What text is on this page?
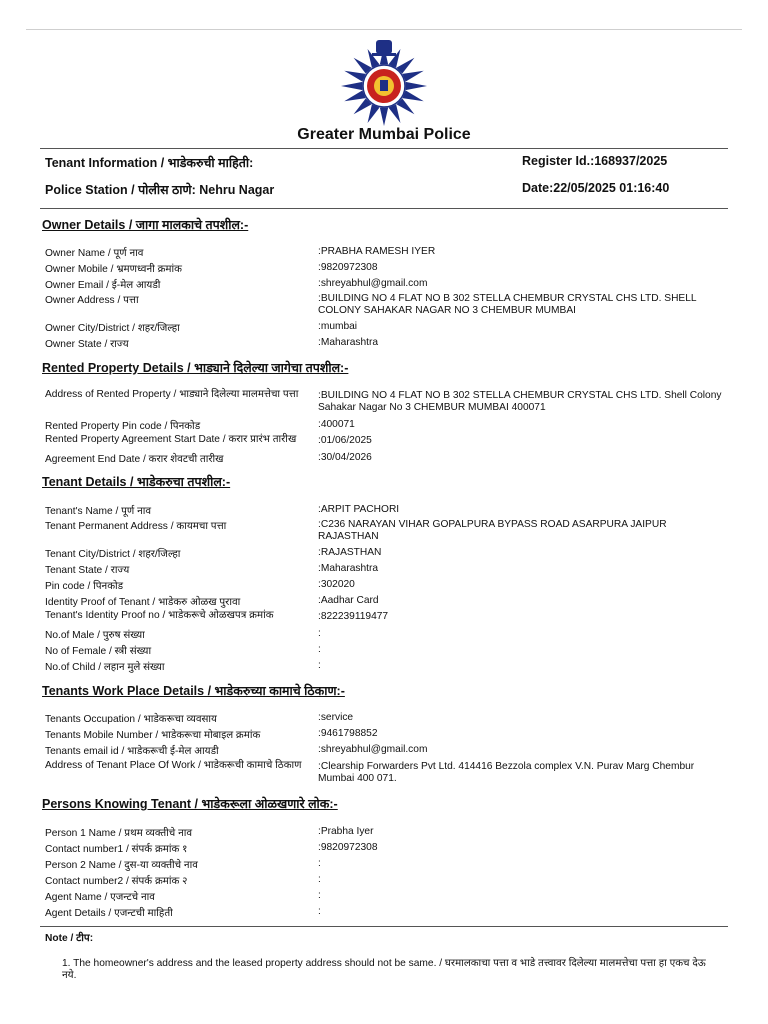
Greater Mumbai Police
Tenant Information / भाडेकरुची माहिती:	Register Id.:168937/2025
Police Station / पोलीस ठाणे: Nehru Nagar	Date:22/05/2025 01:16:40
Owner Details / जागा मालकाचे तपशील:-
Owner Name / पूर्ण नाव	:PRABHA RAMESH IYER
Owner Mobile / भ्रमणध्वनी क्रमांक	:9820972308
Owner Email / ई-मेल आयडी	:shreyabhul@gmail.com
Owner Address / पत्ता	:BUILDING NO 4 FLAT NO B 302 STELLA CHEMBUR CRYSTAL CHS LTD. SHELL COLONY SAHAKAR NAGAR NO 3 CHEMBUR MUMBAI
Owner City/District / शहर/जिल्हा	:mumbai
Owner State / राज्य	:Maharashtra
Rented Property Details / भाड्याने दिलेल्या जागेचा तपशील:-
Address of Rented Property / भाड्याने दिलेल्या मालमत्तेचा पत्ता	:BUILDING NO 4 FLAT NO B 302 STELLA CHEMBUR CRYSTAL CHS LTD. Shell Colony Sahakar Nagar No 3 CHEMBUR MUMBAI 400071
Rented Property Pin code / पिनकोड	:400071
Rented Property Agreement Start Date / करार प्रारंभ तारीख	:01/06/2025
Agreement End Date / करार शेवटची तारीख	:30/04/2026
Tenant Details / भाडेकरुचा तपशील:-
Tenant's Name / पूर्ण नाव	:ARPIT PACHORI
Tenant Permanent Address / कायमचा पत्ता	:C236 NARAYAN VIHAR GOPALPURA BYPASS ROAD ASARPURA JAIPUR RAJASTHAN
Tenant City/District / शहर/जिल्हा	:RAJASTHAN
Tenant State / राज्य	:Maharashtra
Pin code / पिनकोड	:302020
Identity Proof of Tenant / भाडेकरु ओळख पुरावा	:Aadhar Card
Tenant's Identity Proof no / भाडेकरूचे ओळखपत्र क्रमांक	:822239119477
No.of Male / पुरुष संख्या	:
No of Female / स्त्री संख्या	:
No.of Child / लहान मुले संख्या	:
Tenants Work Place Details / भाडेकरुच्या कामाचे ठिकाण:-
Tenants Occupation / भाडेकरूचा व्यवसाय	:service
Tenants Mobile Number / भाडेकरूचा मोबाइल क्रमांक	:9461798852
Tenants email id / भाडेकरूची ई-मेल आयडी	:shreyabhul@gmail.com
Address of Tenant Place Of Work / भाडेकरूची कामाचे ठिकाण	:Clearship Forwarders Pvt Ltd. 414416 Bezzola complex V.N. Purav Marg Chembur Mumbai 400 071.
Persons Knowing Tenant / भाडेकरूला ओळखणारे लोक:-
Person 1 Name / प्रथम व्यक्तीचे नाव	:Prabha Iyer
Contact number1 / संपर्क क्रमांक १	:9820972308
Person 2 Name / दुस-या व्यक्तीचे नाव	:
Contact number2 / संपर्क क्रमांक २	:
Agent Name / एजन्टचे नाव	:
Agent Details / एजन्टची माहिती	:
Note / टीप:
1. The homeowner's address and the leased property address should not be same. / घरमालकाचा पत्ता व भाडे तत्त्वावर दिलेल्या मालमत्तेचा पत्ता हा एकच देऊ नये.
